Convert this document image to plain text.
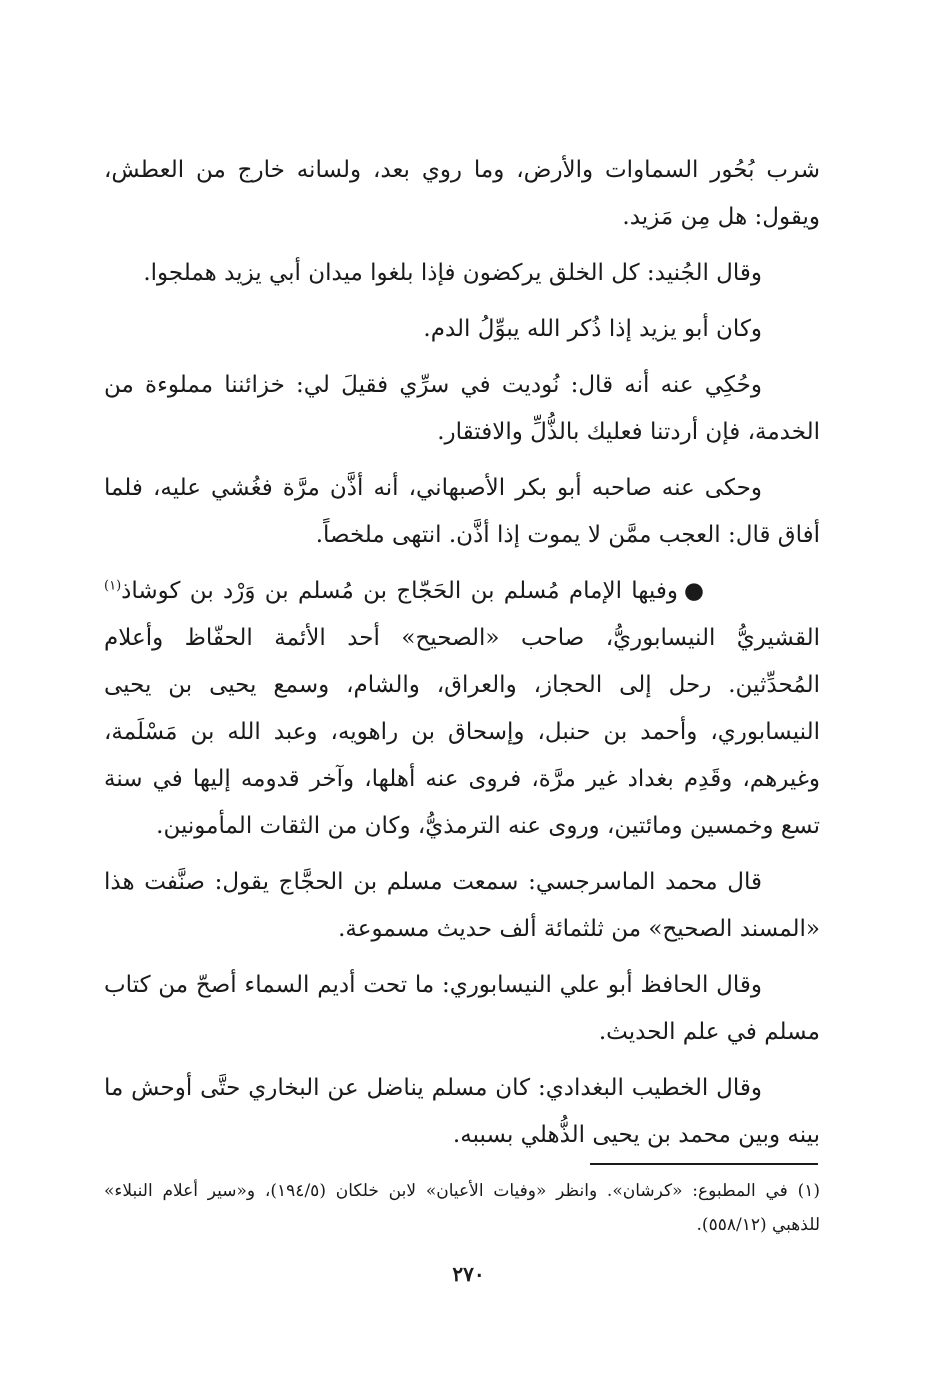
شرب بُحُور السماوات والأرض، وما روي بعد، ولسانه خارج من العطش، ويقول: هل مِن مَزيد.

وقال الجُنيد: كل الخلق يركضون فإذا بلغوا ميدان أبي يزيد هملجوا.

وكان أبو يزيد إذا ذُكر الله يبوِّلُ الدم.

وحُكِي عنه أنه قال: نُوديت في سرِّي فقيلَ لي: خزائننا مملوءة من الخدمة، فإن أردتنا فعليك بالذُّلِّ والافتقار.

وحكى عنه صاحبه أبو بكر الأصبهاني، أنه أذَّن مرَّة فغُشي عليه، فلما أفاق قال: العجب ممَّن لا يموت إذا أذَّن. انتهى ملخصاً.

●وفيها الإمام مُسلم بن الحَجّاج بن مُسلم بن وَرْد بن كوشاذ$^{(١)}$ القشيريُّ النيسابوريُّ، صاحب «الصحيح» أحد الأئمة الحفّاظ وأعلام المُحدِّثين. رحل إلى الحجاز، والعراق، والشام، وسمع يحيى بن يحيى النيسابوري، وأحمد بن حنبل، وإسحاق بن راهويه، وعبد الله بن مَسْلَمة، وغيرهم، وقَدِم بغداد غير مرَّة، فروى عنه أهلها، وآخر قدومه إليها في سنة تسع وخمسين ومائتين، وروى عنه الترمذيُّ، وكان من الثقات المأمونين.

قال محمد الماسرجسي: سمعت مسلم بن الحجَّاج يقول: صنَّفت هذا «المسند الصحيح» من ثلثمائة ألف حديث مسموعة.

وقال الحافظ أبو علي النيسابوري: ما تحت أديم السماء أصحّ من كتاب مسلم في علم الحديث.

وقال الخطيب البغدادي: كان مسلم يناضل عن البخاري حتَّى أوحش ما بينه وبين محمد بن يحيى الذُّهلي بسببه.

(١) في المطبوع: «كرشان». وانظر «وفيات الأعيان» لابن خلكان (١٩٤/٥)، و«سير أعلام النبلاء» للذهبي (٥٥٨/١٢).
٢٧٠
